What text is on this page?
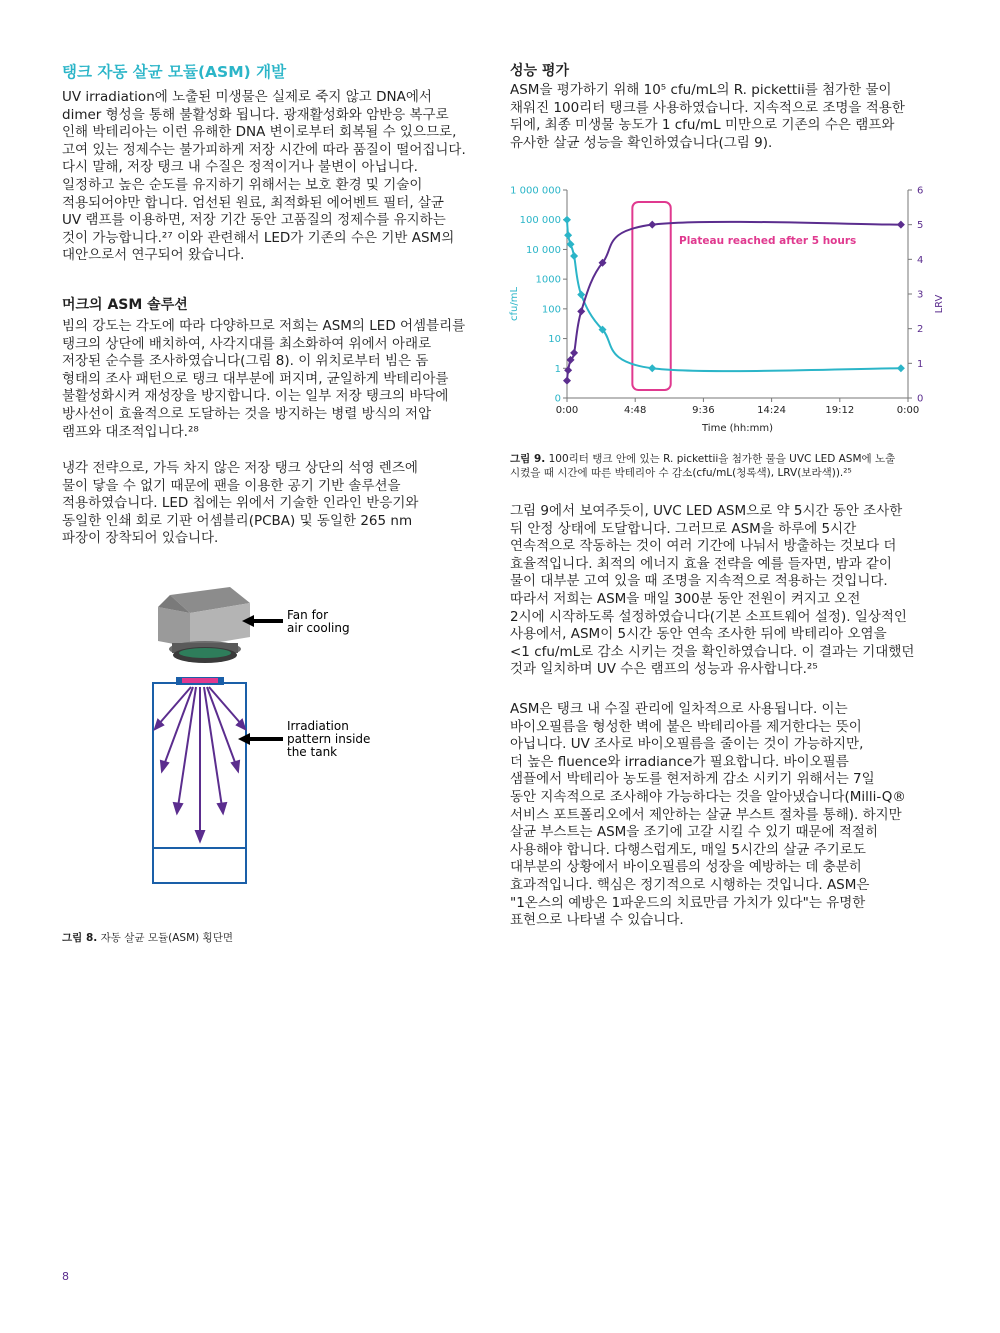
탱크 자동 살균 모듈(ASM) 개발
UV irradiation에 노출된 미생물은 실제로 죽지 않고 DNA에서
dimer 형성을 통해 불활성화 됩니다. 광재활성화와 암반응 복구로
인해 박테리아는 이런 유해한 DNA 변이로부터 회복될 수 있으므로,
고여 있는 정제수는 불가피하게 저장 시간에 따라 품질이 떨어집니다.
다시 말해, 저장 탱크 내 수질은 정적이거나 불변이 아닙니다.
일정하고 높은 순도를 유지하기 위해서는 보호 환경 및 기술이
적용되어야만 합니다. 엄선된 원료, 최적화된 에어벤트 필터, 살균
UV 램프를 이용하면, 저장 기간 동안 고품질의 정제수를 유지하는
것이 가능합니다.²⁷ 이와 관련해서 LED가 기존의 수은 기반 ASM의
대안으로서 연구되어 왔습니다.
머크의 ASM 솔루션
빔의 강도는 각도에 따라 다양하므로 저희는 ASM의 LED 어셈블리를
탱크의 상단에 배치하여, 사각지대를 최소화하여 위에서 아래로
저장된 순수를 조사하였습니다(그림 8). 이 위치로부터 빔은 돔
형태의 조사 패턴으로 탱크 대부분에 퍼지며, 균일하게 박테리아를
불활성화시켜 재성장을 방지합니다. 이는 일부 저장 탱크의 바닥에
방사선이 효율적으로 도달하는 것을 방지하는 병렬 방식의 저압
램프와 대조적입니다.²⁸
냉각 전략으로, 가득 차지 않은 저장 탱크 상단의 석영 렌즈에
물이 닿을 수 없기 때문에 팬을 이용한 공기 기반 솔루션을
적용하였습니다. LED 칩에는 위에서 기술한 인라인 반응기와
동일한 인쇄 회로 기판 어셈블리(PCBA) 및 동일한 265 nm
파장이 장착되어 있습니다.
Fan for
air cooling
Irradiation
pattern inside
the tank
그림 8. 자동 살균 모듈(ASM) 횡단면
성능 평가
ASM을 평가하기 위해 10⁵ cfu/mL의 R. pickettii를 첨가한 물이
채워진 100리터 탱크를 사용하였습니다. 지속적으로 조명을 적용한
뒤에, 최종 미생물 농도가 1 cfu/mL 미만으로 기존의 수은 램프와
유사한 살균 성능을 확인하였습니다(그림 9).
0
1
10
100
1000
10 000
100 000
1 000 000
0
1
2
3
4
5
6
0:00	4:48	9:36	14:24	19:12	0:00
Time (hh:mm)
cfu/mL	LRV
Plateau reached after 5 hours
그림 9. 100리터 탱크 안에 있는 R. pickettii을 첨가한 물을 UVC LED ASM에 노출
시켰을 때 시간에 따른 박테리아 수 감소(cfu/mL(청록색), LRV(보라색)).²⁵
그림 9에서 보여주듯이, UVC LED ASM으로 약 5시간 동안 조사한
뒤 안정 상태에 도달합니다. 그러므로 ASM을 하루에 5시간
연속적으로 작동하는 것이 여러 기간에 나눠서 방출하는 것보다 더
효율적입니다. 최적의 에너지 효율 전략을 예를 들자면, 밤과 같이
물이 대부분 고여 있을 때 조명을 지속적으로 적용하는 것입니다.
따라서 저희는 ASM을 매일 300분 동안 전원이 켜지고 오전
2시에 시작하도록 설정하였습니다(기본 소프트웨어 설정). 일상적인
사용에서, ASM이 5시간 동안 연속 조사한 뒤에 박테리아 오염을
<1 cfu/mL로 감소 시키는 것을 확인하였습니다. 이 결과는 기대했던
것과 일치하며 UV 수은 램프의 성능과 유사합니다.²⁵
ASM은 탱크 내 수질 관리에 일차적으로 사용됩니다. 이는
바이오필름을 형성한 벽에 붙은 박테리아를 제거한다는 뜻이
아닙니다. UV 조사로 바이오필름을 줄이는 것이 가능하지만,
더 높은 fluence와 irradiance가 필요합니다. 바이오필름
샘플에서 박테리아 농도를 현저하게 감소 시키기 위해서는 7일
동안 지속적으로 조사해야 가능하다는 것을 알아냈습니다(Milli-Q®
서비스 포트폴리오에서 제안하는 살균 부스트 절차를 통해). 하지만
살균 부스트는 ASM을 조기에 고갈 시킬 수 있기 때문에 적절히
사용해야 합니다. 다행스럽게도, 매일 5시간의 살균 주기로도
대부분의 상황에서 바이오필름의 성장을 예방하는 데 충분히
효과적입니다. 핵심은 정기적으로 시행하는 것입니다. ASM은
"1온스의 예방은 1파운드의 치료만큼 가치가 있다"는 유명한
표현으로 나타낼 수 있습니다.
8
